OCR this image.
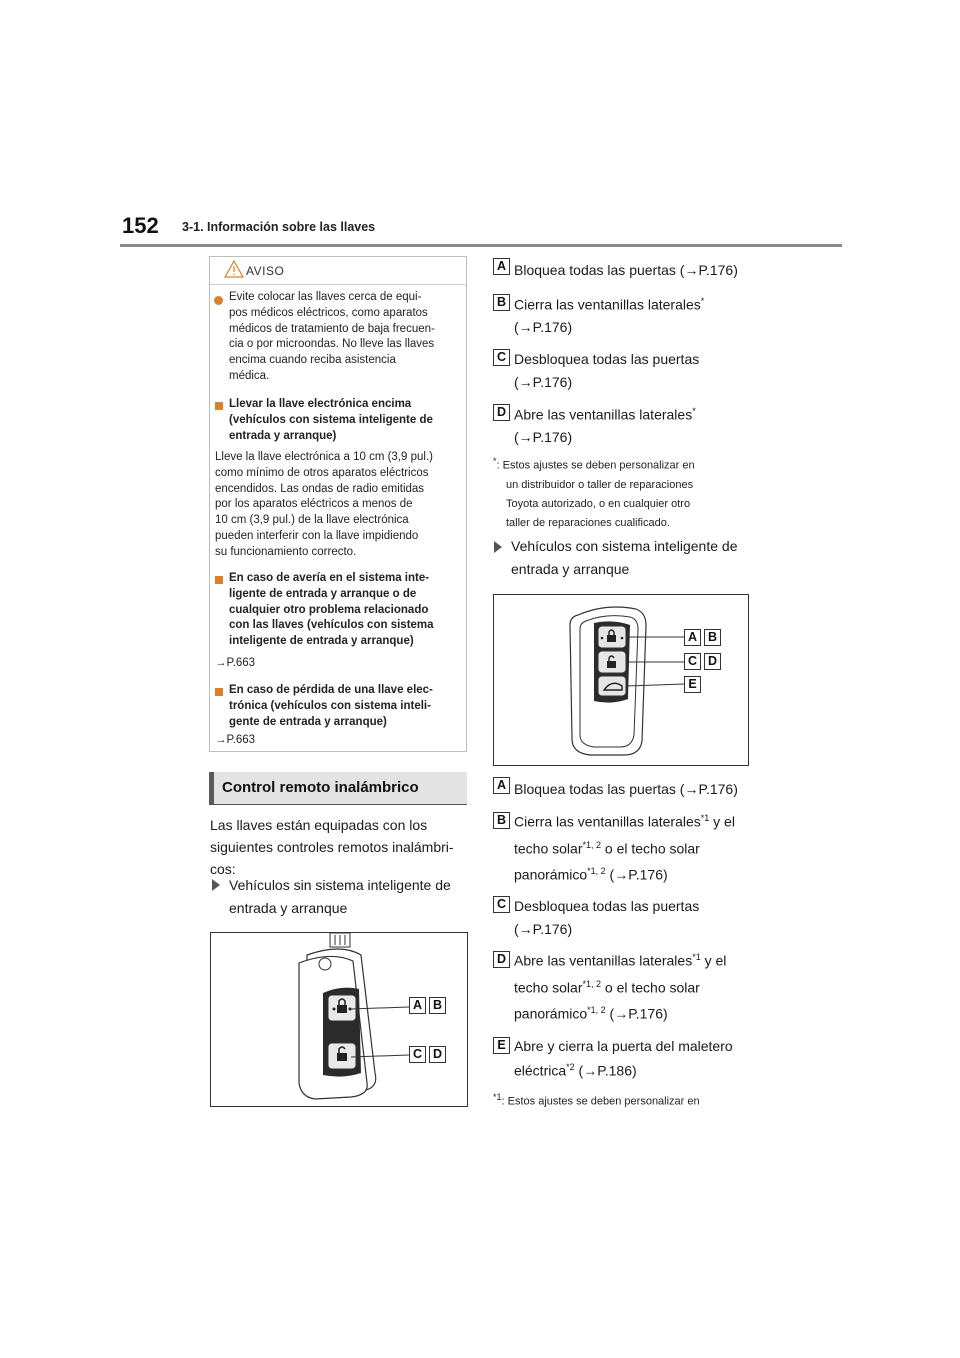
152 3-1. Información sobre las llaves
AVISO
Evite colocar las llaves cerca de equi-
pos médicos eléctricos, como aparatos
médicos de tratamiento de baja frecuen-
cia o por microondas. No lleve las llaves
encima cuando reciba asistencia
médica.
Llevar la llave electrónica encima
(vehículos con sistema inteligente de
entrada y arranque)
Lleve la llave electrónica a 10 cm (3,9 pul.)
como mínimo de otros aparatos eléctricos
encendidos. Las ondas de radio emitidas
por los aparatos eléctricos a menos de
10 cm (3,9 pul.) de la llave electrónica
pueden interferir con la llave impidiendo
su funcionamiento correcto.
En caso de avería en el sistema inte-
ligente de entrada y arranque o de
cualquier otro problema relacionado
con las llaves (vehículos con sistema
inteligente de entrada y arranque)
→P.663
En caso de pérdida de una llave elec-
trónica (vehículos con sistema inteli-
gente de entrada y arranque)
→P.663
Control remoto inalámbrico
Las llaves están equipadas con los
siguientes controles remotos inalámbri-
cos:
Vehículos sin sistema inteligente de
entrada y arranque
A B
C D
A Bloquea todas las puertas (→P.176)
B Cierra las ventanillas laterales*
(→P.176)
C Desbloquea todas las puertas
(→P.176)
D Abre las ventanillas laterales*
(→P.176)
*: Estos ajustes se deben personalizar en
un distribuidor o taller de reparaciones
Toyota autorizado, o en cualquier otro
taller de reparaciones cualificado.
Vehículos con sistema inteligente de
entrada y arranque
A B
C D
E
A Bloquea todas las puertas (→P.176)
B Cierra las ventanillas laterales$^{*1}$ y el
techo solar$^{*1, 2}$ o el techo solar
panorámico$^{*1, 2}$ (→P.176)
C Desbloquea todas las puertas
(→P.176)
D Abre las ventanillas laterales$^{*1}$ y el
techo solar$^{*1, 2}$ o el techo solar
panorámico$^{*1, 2}$ (→P.176)
E Abre y cierra la puerta del maletero
eléctrica$^{*2}$ (→P.186)
$^{*1}$: Estos ajustes se deben personalizar en
